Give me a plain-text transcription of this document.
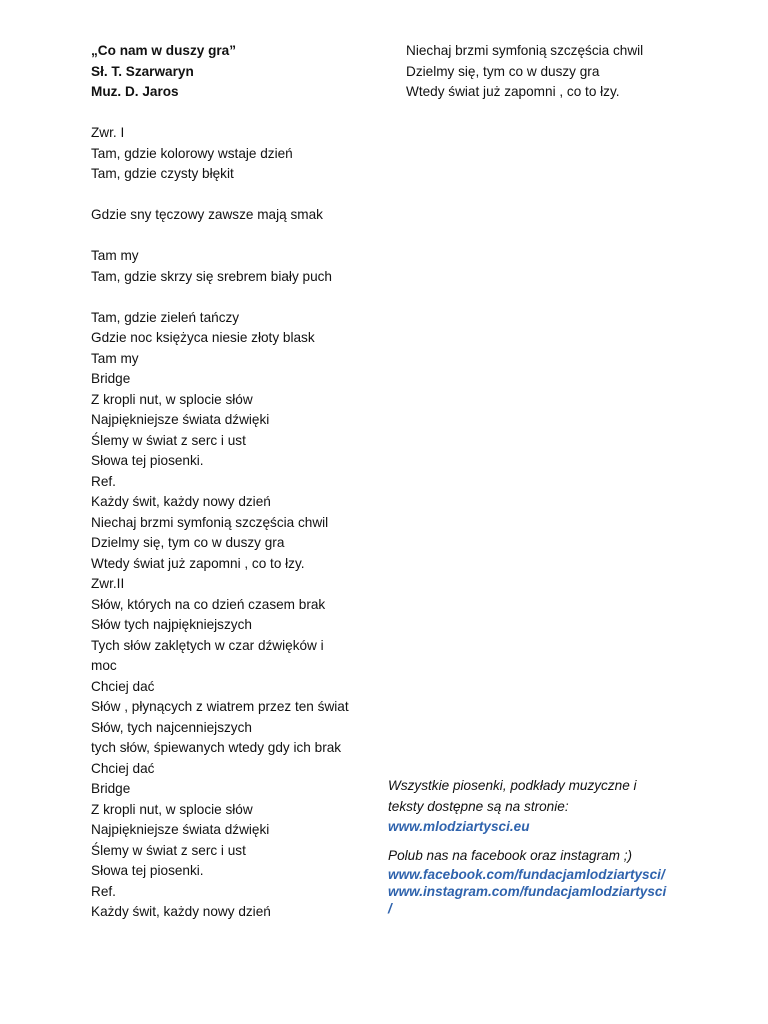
„Co nam w duszy gra”
Sł. T. Szarwaryn
Muz. D. Jaros
Zwr. I
Tam, gdzie kolorowy wstaje dzień
Tam, gdzie czysty błękit
Gdzie sny tęczowy zawsze mają smak
Tam my
Tam, gdzie skrzy się srebrem biały puch
Tam, gdzie zieleń tańczy
Gdzie noc księżyca niesie złoty blask
Tam my
Bridge
Z kropli nut, w splocie słów
Najpiękniejsze świata dźwięki
Ślemy w świat z serc i ust
Słowa tej piosenki.
Ref.
Każdy świt, każdy nowy dzień
Niechaj brzmi symfonią szczęścia chwil
Dzielmy się, tym co w duszy gra
Wtedy świat już zapomni , co to łzy.
Zwr.II
Słów, których na co dzień czasem brak
Słów tych najpiękniejszych
Tych słów zaklętych w czar dźwięków i
moc
Chciej dać
Słów , płynących z wiatrem przez ten świat
Słów, tych najcenniejszych
tych słów, śpiewanych wtedy gdy ich brak
Chciej dać
Bridge
Z kropli nut, w splocie słów
Najpiękniejsze świata dźwięki
Ślemy w świat z serc i ust
Słowa tej piosenki.
Ref.
Każdy świt, każdy nowy dzień
Niechaj brzmi symfonią szczęścia chwil
Dzielmy się, tym co w duszy gra
Wtedy świat już zapomni , co to łzy.
Wszystkie piosenki, podkłady muzyczne i
teksty dostępne są na stronie:
www.mlodziartysci.eu
Polub nas na facebook oraz instagram ;)
www.facebook.com/fundacjamlodziartysci/
www.instagram.com/fundacjamlodziartysci
/
